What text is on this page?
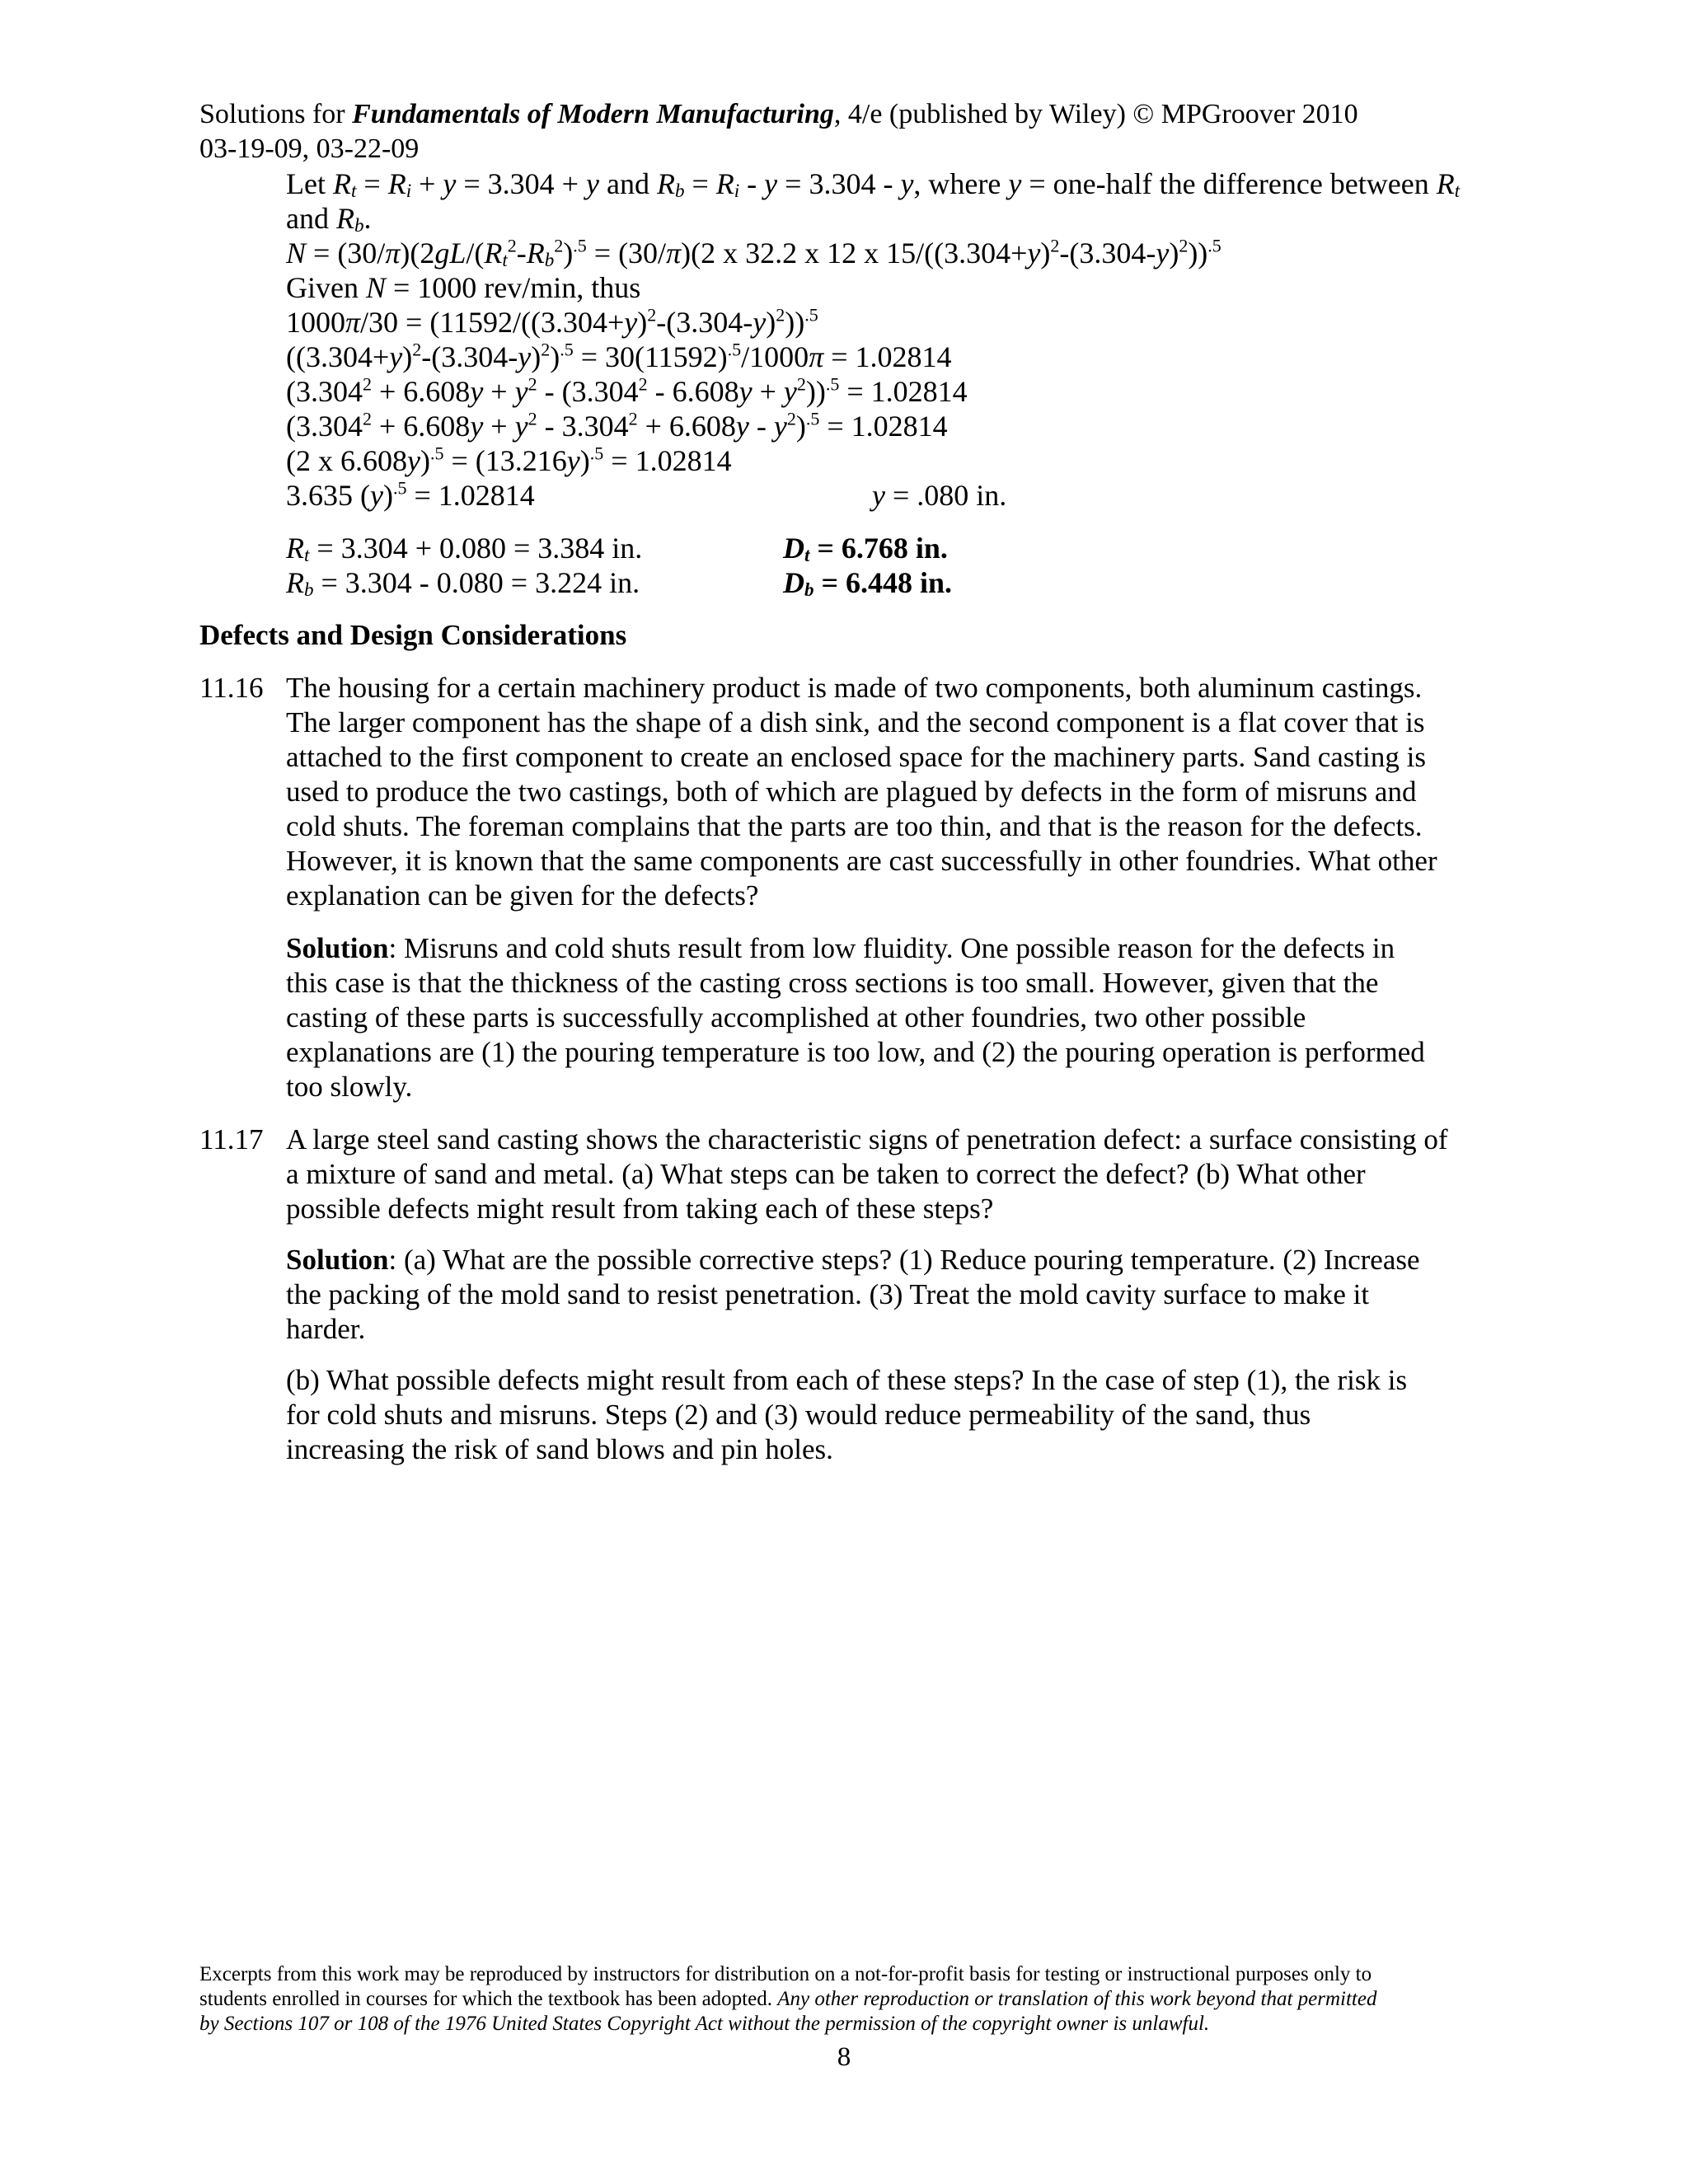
Solutions for Fundamentals of Modern Manufacturing, 4/e (published by Wiley) © MPGroover 2010
03-19-09, 03-22-09
Let $R_t = R_i + y = 3.304 + y$ and $R_b = R_i - y = 3.304 - y$, where y = one-half the difference between $R_t$
and $R_b$.
$N = (30/\pi)(2gL/(R_t^2-R_b^2)^{.5} = (30/\pi)(2$ x 32.2 x 12 x $15/((3.304+y)^2-(3.304-y)^2))^{.5}$
Given N = 1000 rev/min, thus
$1000\pi/30 = (11592/((3.304+y)^2-(3.304-y)^2))^{.5}$
$((3.304+y)^2-(3.304-y)^2)^{.5} = 30(11592)^{.5}/1000\pi = 1.02814$
$(3.304^2 + 6.608y + y^2 - (3.304^2 - 6.608y + y^2))^{.5} = 1.02814$
$(3.304^2 + 6.608y + y^2 - 3.304^2 + 6.608y - y^2)^{.5} = 1.02814$
(2 x $6.608y)^{.5} = (13.216y)^{.5} = 1.02814$
3.635 $(y)^{.5} = 1.02814$	y = .080 in.
$R_t = 3.304 + 0.080 = 3.384$ in.	$D_t = 6.768$ in.
$R_b = 3.304 - 0.080 = 3.224$ in.	$D_b = 6.448$ in.
Defects and Design Considerations
11.16 The housing for a certain machinery product is made of two components, both aluminum castings.
The larger component has the shape of a dish sink, and the second component is a flat cover that is
attached to the first component to create an enclosed space for the machinery parts. Sand casting is
used to produce the two castings, both of which are plagued by defects in the form of misruns and
cold shuts. The foreman complains that the parts are too thin, and that is the reason for the defects.
However, it is known that the same components are cast successfully in other foundries. What other
explanation can be given for the defects?
Solution: Misruns and cold shuts result from low fluidity. One possible reason for the defects in
this case is that the thickness of the casting cross sections is too small. However, given that the
casting of these parts is successfully accomplished at other foundries, two other possible
explanations are (1) the pouring temperature is too low, and (2) the pouring operation is performed
too slowly.
11.17 A large steel sand casting shows the characteristic signs of penetration defect: a surface consisting of
a mixture of sand and metal. (a) What steps can be taken to correct the defect? (b) What other
possible defects might result from taking each of these steps?
Solution: (a) What are the possible corrective steps? (1) Reduce pouring temperature. (2) Increase
the packing of the mold sand to resist penetration. (3) Treat the mold cavity surface to make it
harder.
(b) What possible defects might result from each of these steps? In the case of step (1), the risk is
for cold shuts and misruns. Steps (2) and (3) would reduce permeability of the sand, thus
increasing the risk of sand blows and pin holes.
Excerpts from this work may be reproduced by instructors for distribution on a not-for-profit basis for testing or instructional purposes only to
students enrolled in courses for which the textbook has been adopted. Any other reproduction or translation of this work beyond that permitted
by Sections 107 or 108 of the 1976 United States Copyright Act without the permission of the copyright owner is unlawful.
8
